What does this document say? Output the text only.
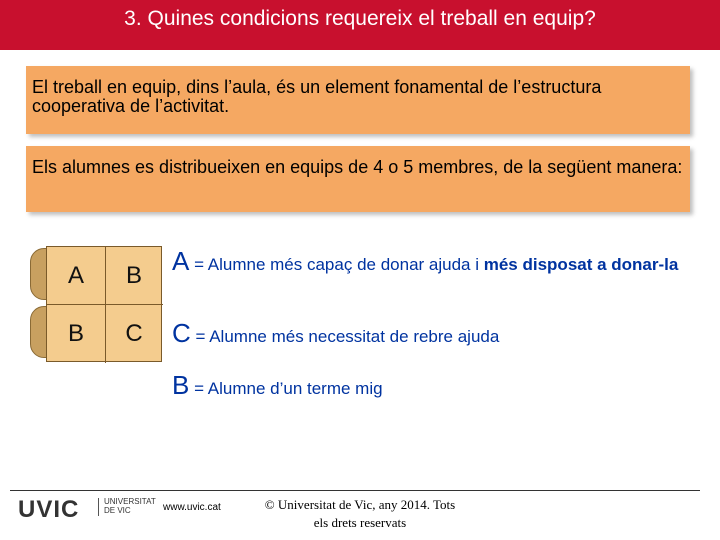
3. Quines condicions requereix el treball en equip?
El treball en equip, dins l’aula, és un element fonamental de l’estructura cooperativa de l’activitat.
Els alumnes es distribueixen en equips de 4 o 5 membres, de la següent manera:
A	B
B	C
A = Alumne més capaç de donar ajuda i més disposat a donar-la
C = Alumne més necessitat de rebre ajuda
B = Alumne d’un terme mig
UVIC	UNIVERSITAT
DE VIC	www.uvic.cat	© Universitat de Vic, any 2014. Tots
els drets reservats
